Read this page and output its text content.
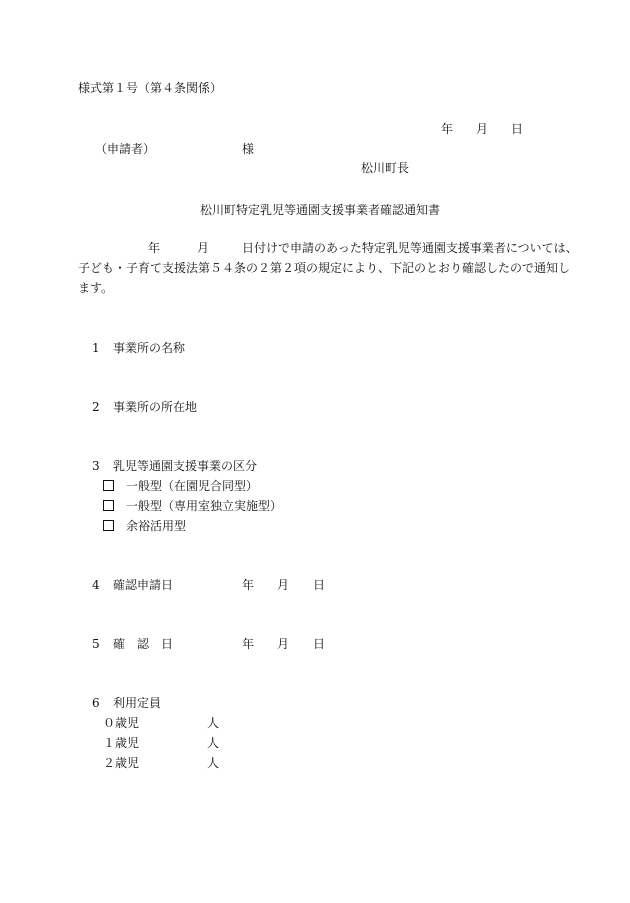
様式第１号（第４条関係）
年 月 日
（申請者）	様
松川町長
松川町特定乳児等通園支援事業者確認通知書
年	月	日付けで申請のあった特定乳児等通園支援事業者については、
子ども・子育て支援法第５４条の２第２項の規定により、下記のとおり確認したので通知し
ます。
1 事業所の名称
2 事業所の所在地
3 乳児等通園支援事業の区分
一般型（在園児合同型）
一般型（専用室独立実施型）
余裕活用型
4 確認申請日	年 月 日
5 確　認　日	年 月 日
6 利用定員
０歳児	人
１歳児	人
２歳児	人
